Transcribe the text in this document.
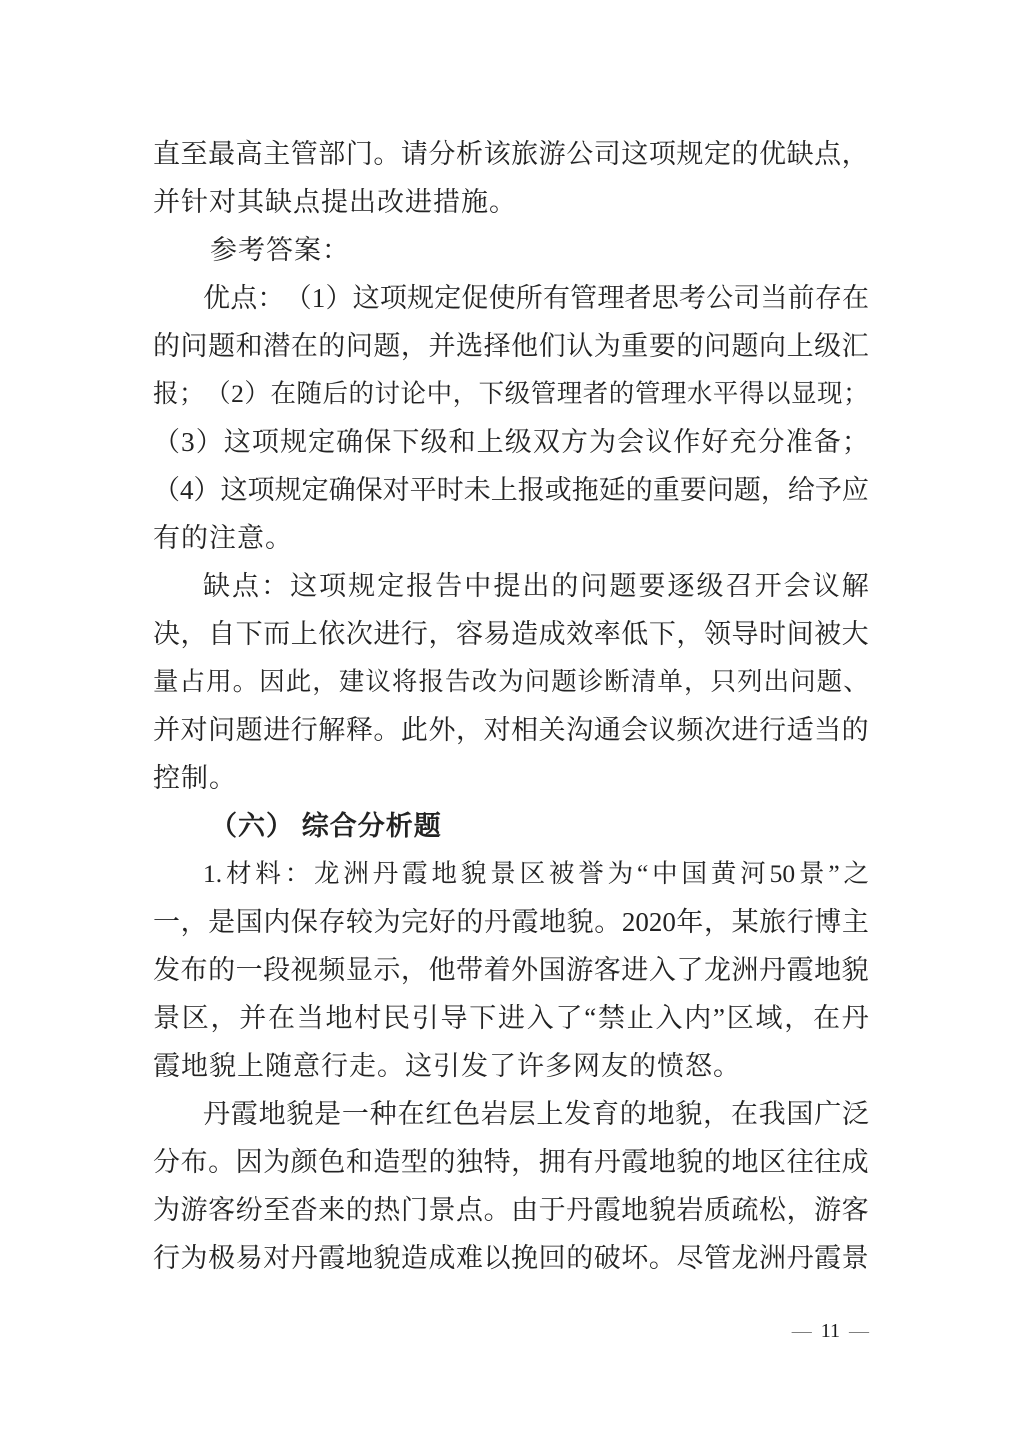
直 至 最 高 主 管 部 门 。 请 分 析 该 旅 游 公 司 这 项 规 定 的 优 缺 点 ，
并针对其缺点提出改进措施。
参考答案：
优 点 ： （ 1 ） 这 项 规 定 促 使 所 有 管 理 者 思 考 公 司 当 前 存 在
的 问 题 和 潜 在 的 问 题 ， 并 选 择 他 们 认 为 重 要 的 问 题 向 上 级 汇
报 ； （ 2 ） 在 随 后 的 讨 论 中 ， 下 级 管 理 者 的 管 理 水 平 得 以 显 现 ；
（ 3 ） 这 项 规 定 确 保 下 级 和 上 级 双 方 为 会 议 作 好 充 分 准 备 ；
（ 4 ） 这 项 规 定 确 保 对 平 时 未 上 报 或 拖 延 的 重 要 问 题 ， 给 予 应
有的注意。
缺 点 ： 这 项 规 定 报 告 中 提 出 的 问 题 要 逐 级 召 开 会 议 解
决 ， 自 下 而 上 依 次 进 行 ， 容 易 造 成 效 率 低 下 ， 领 导 时 间 被 大
量 占 用 。 因 此 ， 建 议 将 报 告 改 为 问 题 诊 断 清 单 ， 只 列 出 问 题 、
并 对 问 题 进 行 解 释 。 此 外 ， 对 相 关 沟 通 会 议 频 次 进 行 适 当 的
控制。
（六） 综合分析题
1. 材 料 ： 龙 洲 丹 霞 地 貌 景 区 被 誉 为 “ 中 国 黄 河 50 景 ” 之
一 ， 是 国 内 保 存 较 为 完 好 的 丹 霞 地 貌 。 2020 年 ， 某 旅 行 博 主
发 布 的 一 段 视 频 显 示 ， 他 带 着 外 国 游 客 进 入 了 龙 洲 丹 霞 地 貌
景 区 ， 并 在 当 地 村 民 引 导 下 进 入 了 “ 禁 止 入 内 ” 区 域 ， 在 丹
霞地貌上随意行走。这引发了许多网友的愤怒。
丹 霞 地 貌 是 一 种 在 红 色 岩 层 上 发 育 的 地 貌 ， 在 我 国 广 泛
分 布 。 因 为 颜 色 和 造 型 的 独 特 ， 拥 有 丹 霞 地 貌 的 地 区 往 往 成
为 游 客 纷 至 沓 来 的 热 门 景 点 。 由 于 丹 霞 地 貌 岩 质 疏 松 ， 游 客
行 为 极 易 对 丹 霞 地 貌 造 成 难 以 挽 回 的 破 坏 。 尽 管 龙 洲 丹 霞 景
— 11 —
